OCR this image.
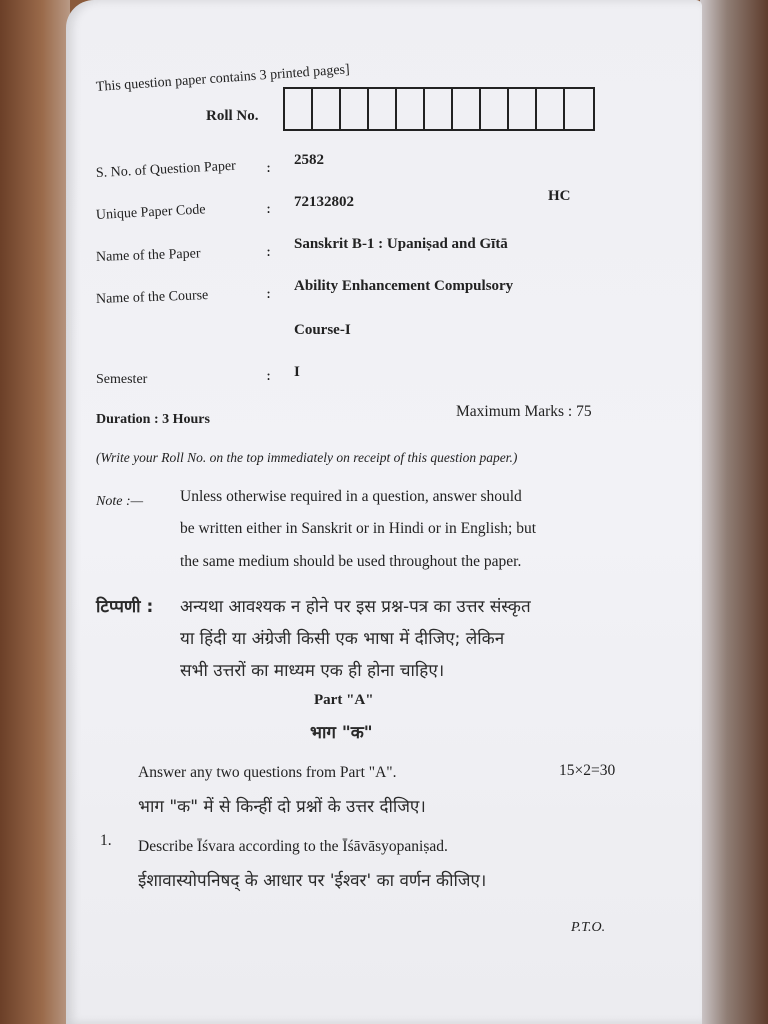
This question paper contains 3 printed pages]
Roll No.
S. No. of Question Paper : 2582
Unique Paper Code	: 72132802	HC
Name of the Paper	: Sanskrit B-1 : Upaniṣad and Gītā
Name of the Course	: Ability Enhancement Compulsory
Course-I
Semester	: I
Duration : 3 Hours	Maximum Marks : 75
(Write your Roll No. on the top immediately on receipt of this question paper.)
Note :— Unless otherwise required in a question, answer should
be written either in Sanskrit or in Hindi or in English; but
the same medium should be used throughout the paper.
टिप्पणी : अन्यथा आवश्यक न होने पर इस प्रश्न-पत्र का उत्तर संस्कृत
या हिंदी या अंग्रेजी किसी एक भाषा में दीजिए; लेकिन
सभी उत्तरों का माध्यम एक ही होना चाहिए।
Part "A"
भाग "क"
Answer any two questions from Part "A".	15×2=30
भाग "क" में से किन्हीं दो प्रश्नों के उत्तर दीजिए।
1. Describe Īśvara according to the Īśāvāsyopaniṣad.
ईशावास्योपनिषद् के आधार पर 'ईश्वर' का वर्णन कीजिए।
P.T.O.
